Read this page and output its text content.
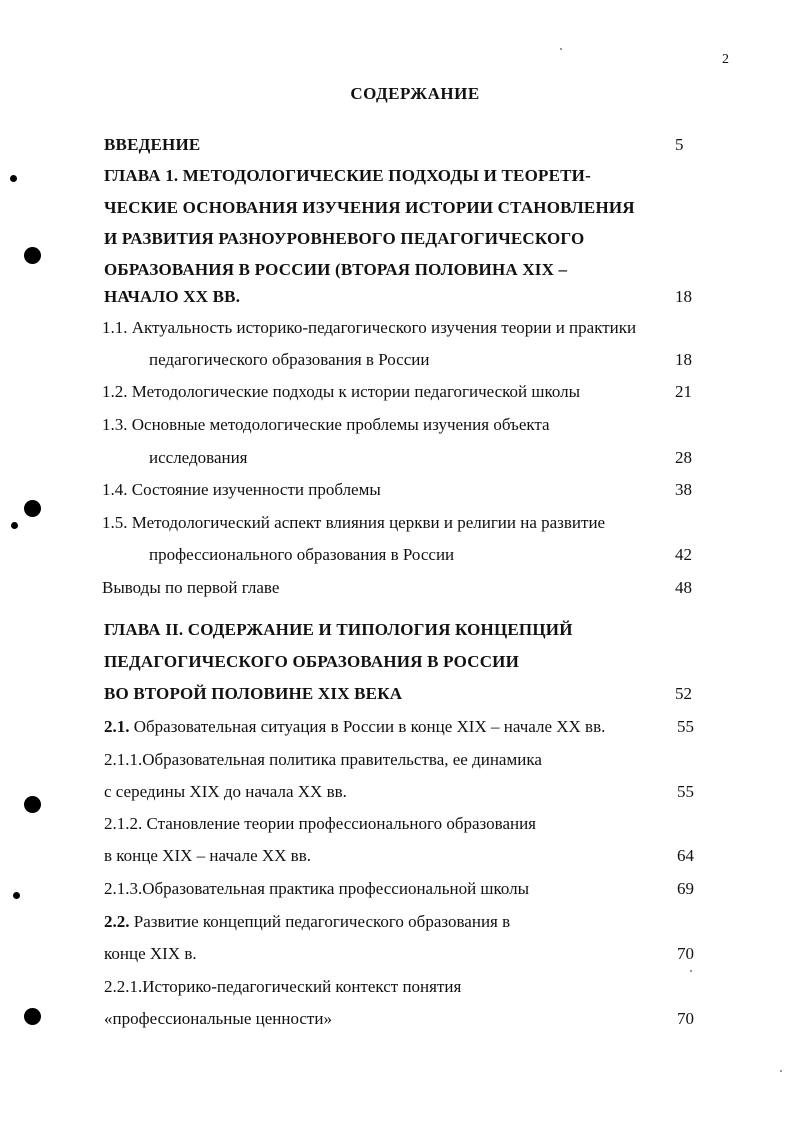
2
СОДЕРЖАНИЕ
ВВЕДЕНИЕ	5
ГЛАВА 1. МЕТОДОЛОГИЧЕСКИЕ ПОДХОДЫ И ТЕОРЕТИ-
ЧЕСКИЕ ОСНОВАНИЯ ИЗУЧЕНИЯ ИСТОРИИ СТАНОВЛЕНИЯ
И РАЗВИТИЯ РАЗНОУРОВНЕВОГО ПЕДАГОГИЧЕСКОГО
ОБРАЗОВАНИЯ В РОССИИ (ВТОРАЯ ПОЛОВИНА XIX –
НАЧАЛО XX ВВ.	18
1.1. Актуальность историко-педагогического изучения теории и практики
педагогического образования в России	18
1.2. Методологические подходы к истории педагогической школы	21
1.3. Основные методологические проблемы изучения объекта
исследования	28
1.4. Состояние изученности проблемы	38
1.5. Методологический аспект влияния церкви и религии на развитие
профессионального образования в России	42
Выводы по первой главе	48
ГЛАВА II. СОДЕРЖАНИЕ И ТИПОЛОГИЯ КОНЦЕПЦИЙ
ПЕДАГОГИЧЕСКОГО ОБРАЗОВАНИЯ В РОССИИ
ВО ВТОРОЙ ПОЛОВИНЕ XIX ВЕКА	52
2.1. Образовательная ситуация в России в конце XIX – начале XX вв.	55
2.1.1.Образовательная политика правительства, ее динамика
с середины XIX до начала XX вв.	55
2.1.2. Становление теории профессионального образования
в конце XIX – начале XX вв.	64
2.1.3.Образовательная практика профессиональной школы	69
2.2. Развитие концепций педагогического образования в
конце XIX в.	70
2.2.1.Историко-педагогический контекст понятия
«профессиональные ценности»	70
